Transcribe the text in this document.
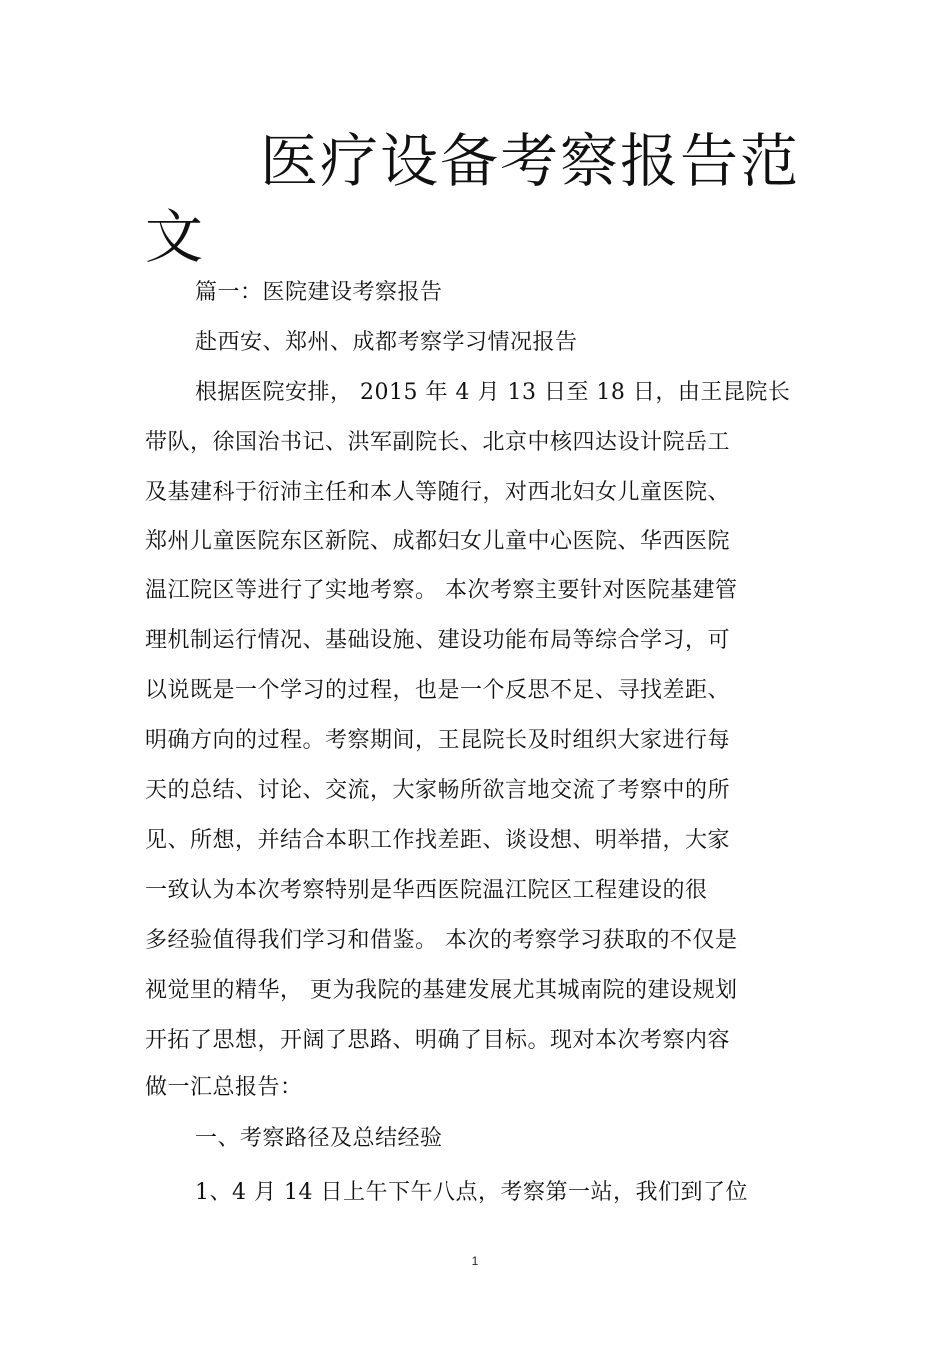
医疗设备考察报告范
文
篇一：医院建设考察报告
赴西安、郑州、成都考察学习情况报告
根据医院安排， 2015 年 4 月 13 日至 18 日，由王昆院长
带队，徐国治书记、洪军副院长、北京中核四达设计院岳工
及基建科于衍沛主任和本人等随行，对西北妇女儿童医院、
郑州儿童医院东区新院、成都妇女儿童中心医院、华西医院
温江院区等进行了实地考察。 本次考察主要针对医院基建管
理机制运行情况、基础设施、建设功能布局等综合学习，可
以说既是一个学习的过程，也是一个反思不足、寻找差距、
明确方向的过程。考察期间，王昆院长及时组织大家进行每
天的总结、讨论、交流，大家畅所欲言地交流了考察中的所
见、所想，并结合本职工作找差距、谈设想、明举措，大家
一致认为本次考察特别是华西医院温江院区工程建设的很
多经验值得我们学习和借鉴。 本次的考察学习获取的不仅是
视觉里的精华， 更为我院的基建发展尤其城南院的建设规划
开拓了思想，开阔了思路、明确了目标。现对本次考察内容
做一汇总报告：
一、考察路径及总结经验
1、4 月 14 日上午下午八点，考察第一站，我们到了位
1
